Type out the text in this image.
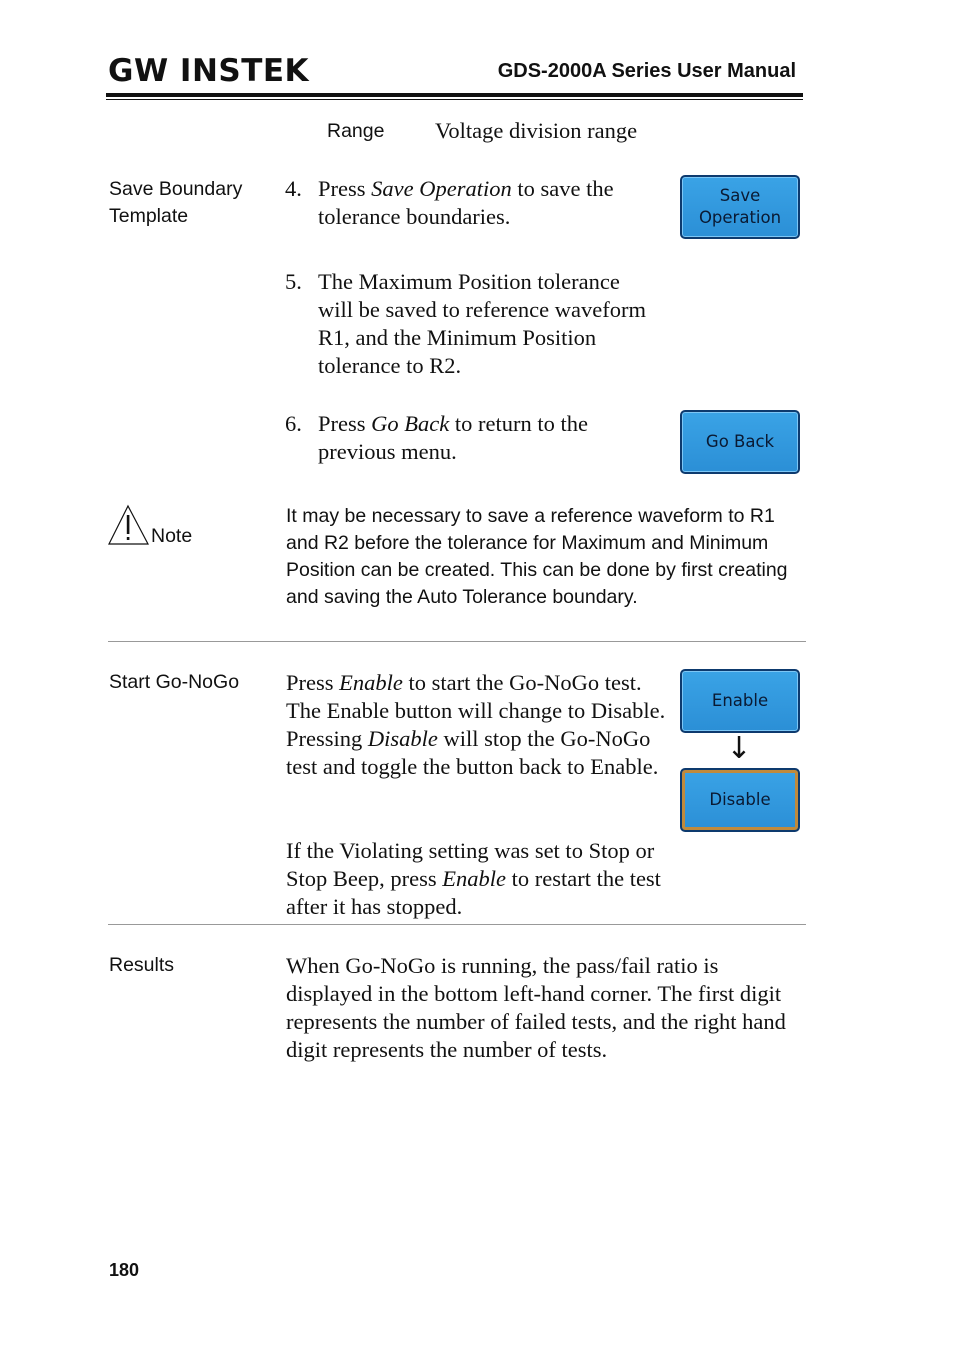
GW INSTEK	GDS-2000A Series User Manual
Range Voltage division range
Save Boundary
Template
4. Press Save Operation to save the tolerance boundaries.
Save
Operation
5. The Maximum Position tolerance will be saved to reference waveform R1, and the Minimum Position tolerance to R2.
6. Press Go Back to return to the previous menu.	Go Back
Note
It may be necessary to save a reference waveform to R1 and R2 before the tolerance for Maximum and Minimum Position can be created. This can be done by first creating and saving the Auto Tolerance boundary.
Start Go-NoGo Press Enable to start the Go-NoGo test. The Enable button will change to Disable. Pressing Disable will stop the Go-NoGo test and toggle the button back to Enable.
If the Violating setting was set to Stop or Stop Beep, press Enable to restart the test after it has stopped.
Enable
↓
Disable
Results	When Go-NoGo is running, the pass/fail ratio is displayed in the bottom left-hand corner. The first digit represents the number of failed tests, and the right hand digit represents the number of tests.
180
